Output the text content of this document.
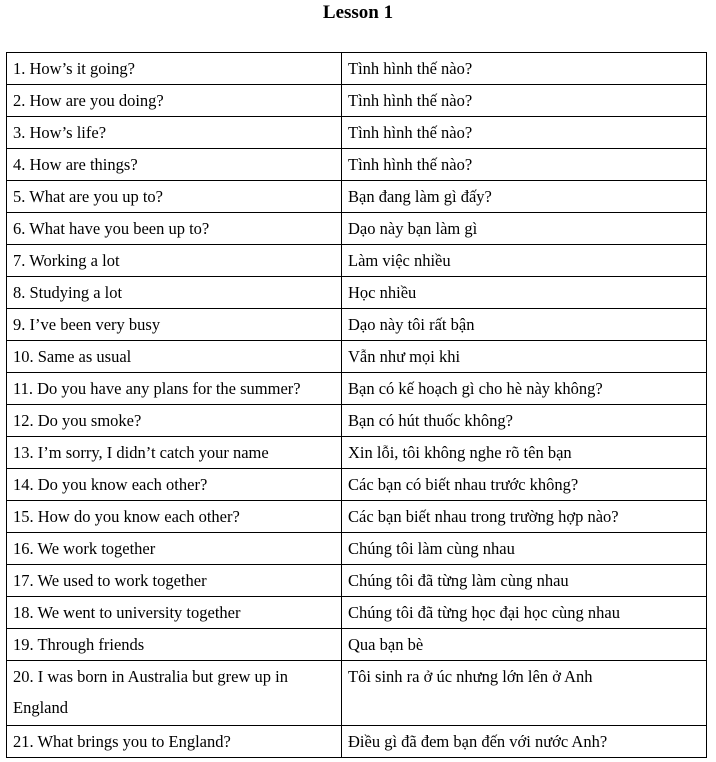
Lesson 1
1. How’s it going?	Tình hình thế nào?
2. How are you doing?	Tình hình thế nào?
3. How’s life?	Tình hình thế nào?
4. How are things?	Tình hình thế nào?
5. What are you up to?	Bạn đang làm gì đấy?
6. What have you been up to?	Dạo này bạn làm gì
7. Working a lot	Làm việc nhiều
8. Studying a lot	Học nhiều
9. I’ve been very busy	Dạo này tôi rất bận
10. Same as usual	Vẫn như mọi khi
11. Do you have any plans for the summer?	Bạn có kế hoạch gì cho hè này không?
12. Do you smoke?	Bạn có hút thuốc không?
13. I’m sorry, I didn’t catch your name	Xin lỗi, tôi không nghe rõ tên bạn
14. Do you know each other?	Các bạn có biết nhau trước không?
15. How do you know each other?	Các bạn biết nhau trong trường hợp nào?
16. We work together	Chúng tôi làm cùng nhau
17. We used to work together	Chúng tôi đã từng làm cùng nhau
18. We went to university together	Chúng tôi đã từng học đại học cùng nhau
19. Through friends	Qua bạn bè
20. I was born in Australia but grew up in England	Tôi sinh ra ở úc nhưng lớn lên ở Anh
21. What brings you to England?	Điều gì đã đem bạn đến với nước Anh?
